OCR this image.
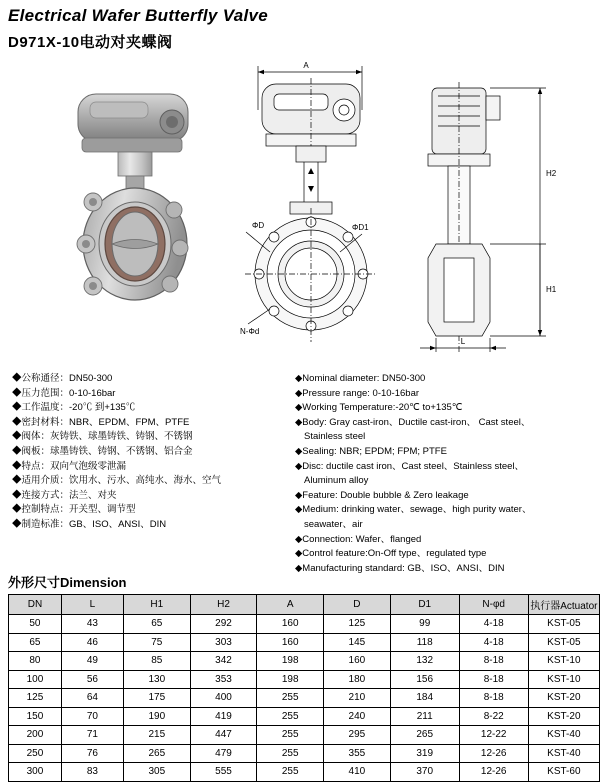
Electrical Wafer Butterfly Valve
D971X-10电动对夹蝶阀
A
ΦD	ΦD1
N-Φd
H2
H1
L
◆公称通径：DN50-300
◆压力范围：0-10-16bar
◆工作温度：-20℃ 到+135℃
◆密封材料：NBR、EPDM、FPM、PTFE
◆阀体：灰铸铁、球墨铸铁、铸钢、不锈钢
◆阀板：球墨铸铁、铸钢、不锈钢、铝合金
◆特点：双向气泡级零泄漏
◆适用介质：饮用水、污水、高纯水、海水、空气
◆连接方式：法兰、对夹
◆控制特点：开关型、调节型
◆制造标准：GB、ISO、ANSI、DIN
◆Nominal diameter: DN50-300
◆Pressure range: 0-10-16bar
◆Working Temperature:-20℃ to+135℃
◆Body: Gray cast-iron、Ductile cast-iron、 Cast steel、
Stainless steel
◆Sealing: NBR; EPDM; FPM; PTFE
◆Disc: ductile cast iron、Cast steel、Stainless steel、
Aluminum alloy
◆Feature: Double bubble & Zero leakage
◆Medium: drinking water、sewage、high purity water、
seawater、air
◆Connection: Wafer、flanged
◆Control feature:On-Off type、regulated type
◆Manufacturing standard: GB、ISO、ANSI、DIN
外形尺寸Dimension
DN	L	H1	H2	A	D	D1	N-φd	执行器Actuator
50	43	65	292	160	125	99	4-18	KST-05
65	46	75	303	160	145	118	4-18	KST-05
80	49	85	342	198	160	132	8-18	KST-10
100	56	130	353	198	180	156	8-18	KST-10
125	64	175	400	255	210	184	8-18	KST-20
150	70	190	419	255	240	211	8-22	KST-20
200	71	215	447	255	295	265	12-22	KST-40
250	76	265	479	255	355	319	12-26	KST-40
300	83	305	555	255	410	370	12-26	KST-60
